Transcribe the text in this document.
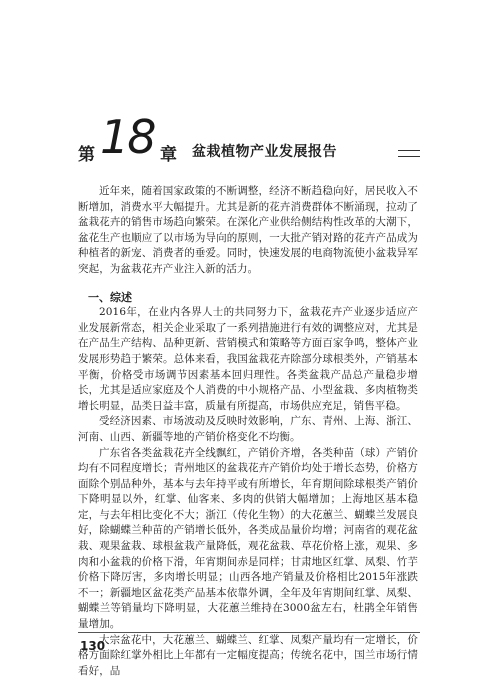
第 18 章 盆栽植物产业发展报告

近年来，随着国家政策的不断调整，经济不断趋稳向好，居民收入不断增加，消费水平大幅提升。尤其是新的花卉消费群体不断涌现，拉动了盆栽花卉的销售市场趋向繁荣。在深化产业供给侧结构性改革的大潮下，盆花生产也顺应了以市场为导向的原则，一大批产销对路的花卉产品成为种植者的新宠、消费者的垂爱。同时，快速发展的电商物流使小盆栽异军突起，为盆栽花卉产业注入新的活力。

一、综述

2016年，在业内各界人士的共同努力下，盆栽花卉产业逐步适应产业发展新常态，相关企业采取了一系列措施进行有效的调整应对，尤其是在产品生产结构、品种更新、营销模式和策略等方面百家争鸣，整体产业发展形势趋于繁荣。总体来看，我国盆栽花卉除部分球根类外，产销基本平衡，价格受市场调节因素基本回归理性。各类盆栽产品总产量稳步增长，尤其是适应家庭及个人消费的中小规格产品、小型盆栽、多肉植物类增长明显，品类日益丰富，质量有所提高，市场供应充足，销售平稳。

受经济因素、市场波动及反映时效影响，广东、青州、上海、浙江、河南、山西、新疆等地的产销价格变化不均衡。

广东省各类盆栽花卉全线飘红，产销价齐增，各类种苗（球）产销价均有不同程度增长；青州地区的盆栽花卉产销价均处于增长态势，价格方面除个别品种外，基本与去年持平或有所增长，年育期间除球根类产销价下降明显以外，红掌、仙客来、多肉的供销大幅增加；上海地区基本稳定，与去年相比变化不大；浙江（传化生物）的大花蕙兰、蝴蝶兰发展良好，除蝴蝶兰种苗的产销增长低外，各类成品量价均增；河南省的观花盆栽、观果盆栽、球根盆栽产量降低，观花盆栽、草花价格上涨，观果、多肉和小盆栽的价格下滑，年宵期间赤是同样；甘肃地区红掌、凤梨、竹芋价格下降厉害，多肉增长明显；山西各地产销量及价格相比2015年涨跌不一；新疆地区盆花类产品基本依靠外调，全年及年宵期间红掌、凤梨、蝴蝶兰等销量均下降明显，大花蕙兰维持在3000盆左右，杜鹃全年销售量增加。

大宗盆花中，大花蕙兰、蝴蝶兰、红掌、凤梨产量均有一定增长，价格方面除红掌外相比上年都有一定幅度提高；传统名花中，国兰市场行情看好，品

130
